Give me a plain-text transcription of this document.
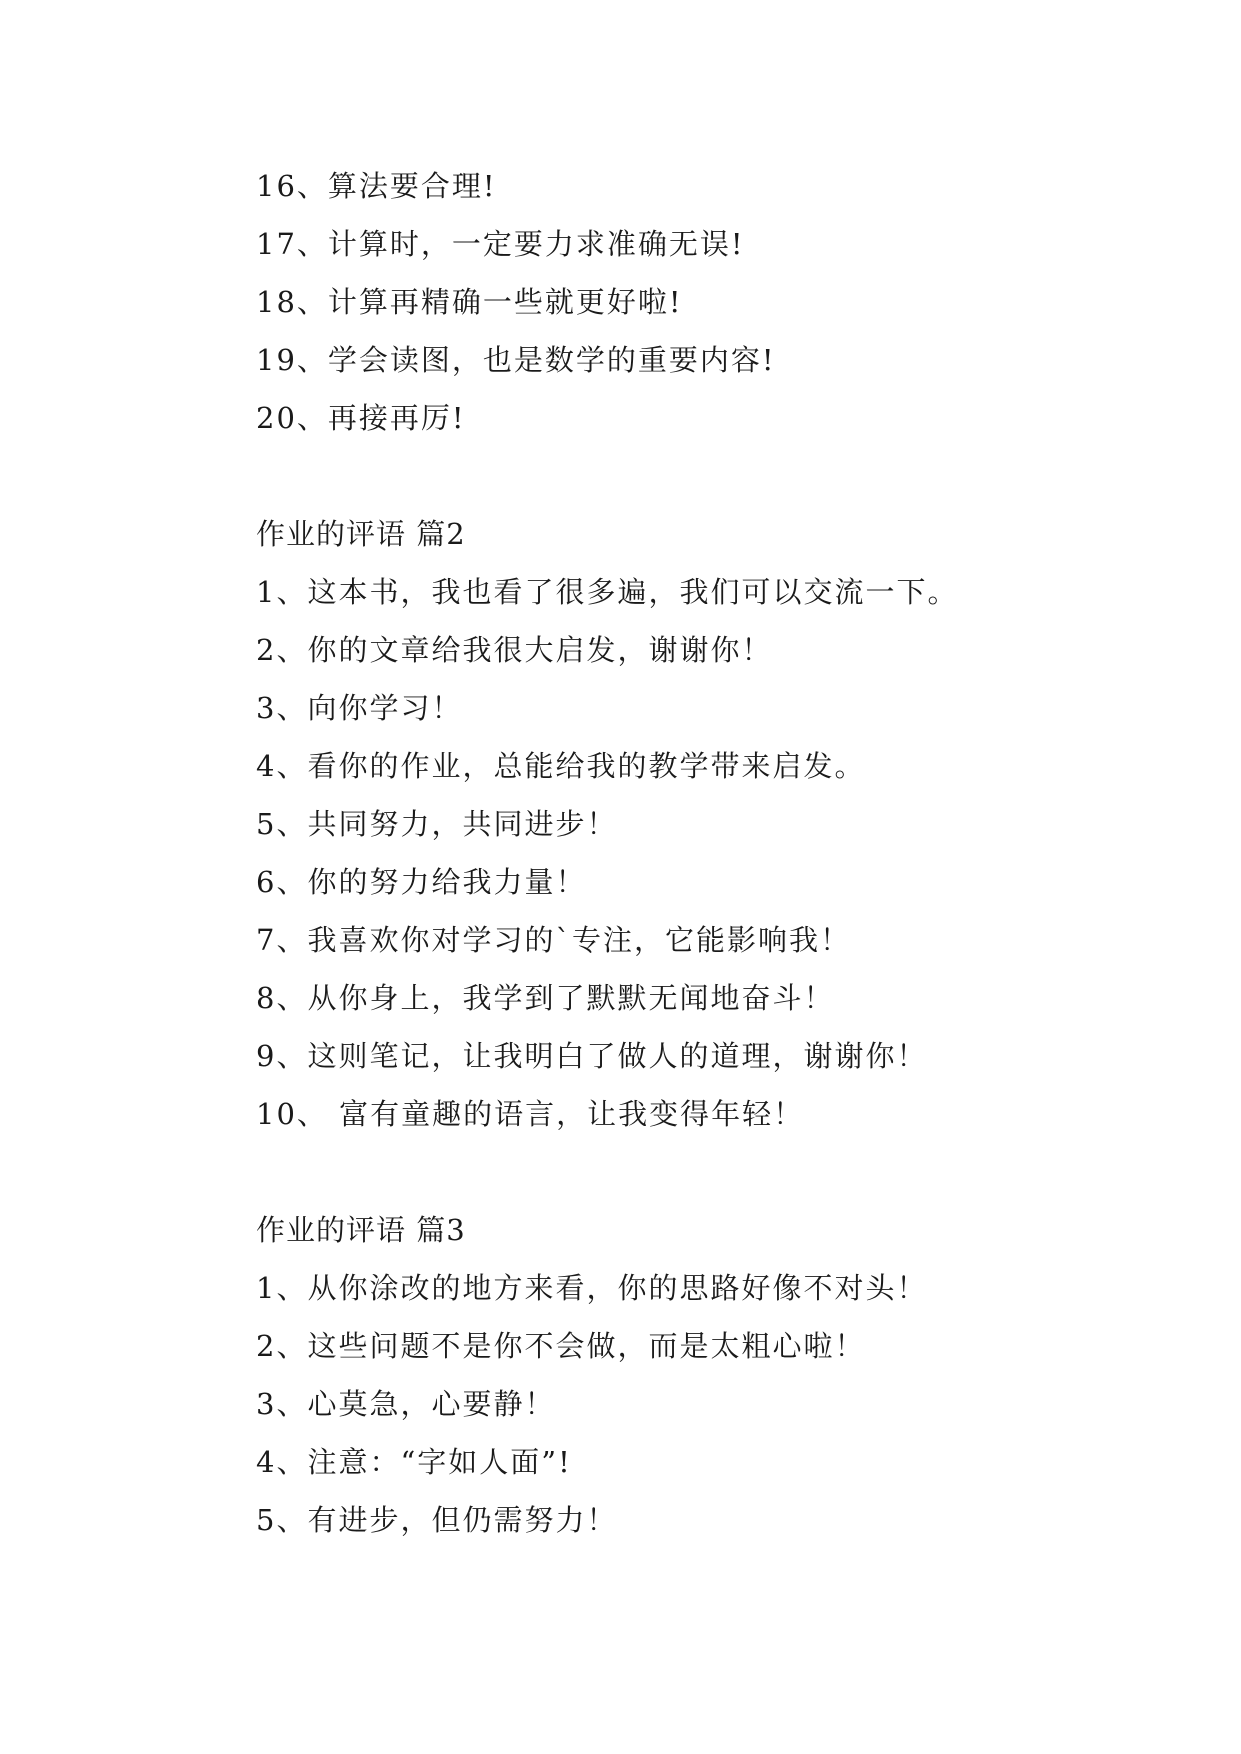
16、算法要合理!
17、计算时，一定要力求准确无误!
18、计算再精确一些就更好啦!
19、学会读图，也是数学的重要内容!
20、再接再厉!
作业的评语 篇2
1、这本书，我也看了很多遍，我们可以交流一下。
2、你的文章给我很大启发，谢谢你！
3、向你学习！
4、看你的作业，总能给我的教学带来启发。
5、共同努力，共同进步！
6、你的努力给我力量！
7、我喜欢你对学习的`专注，它能影响我！
8、从你身上，我学到了默默无闻地奋斗！
9、这则笔记，让我明白了做人的道理，谢谢你！
10、 富有童趣的语言，让我变得年轻！
作业的评语 篇3
1、从你涂改的地方来看，你的思路好像不对头！
2、这些问题不是你不会做，而是太粗心啦！
3、心莫急，心要静！
4、注意：“字如人面”!
5、有进步，但仍需努力！
